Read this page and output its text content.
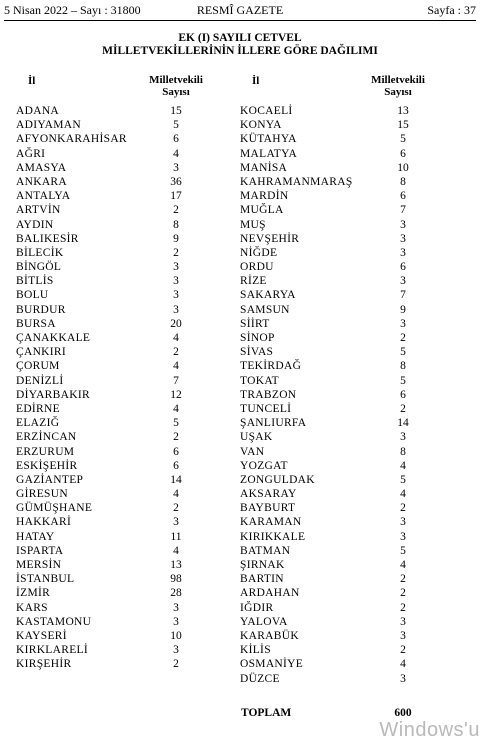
5 Nisan 2022 – Sayı : 31800	RESMÎ GAZETE	Sayfa : 37
EK (I) SAYILI CETVEL
MİLLETVEKİLLERİNİN İLLERE GÖRE DAĞILIMI
İl	Milletvekili
Sayısı
İl	Milletvekili
Sayısı
ADANA	15
ADIYAMAN	5
AFYONKARAHİSAR	6
AĞRI	4
AMASYA	3
ANKARA	36
ANTALYA	17
ARTVİN	2
AYDIN	8
BALIKESİR	9
BİLECİK	2
BİNGÖL	3
BİTLİS	3
BOLU	3
BURDUR	3
BURSA	20
ÇANAKKALE	4
ÇANKIRI	2
ÇORUM	4
DENİZLİ	7
DİYARBAKIR	12
EDİRNE	4
ELAZIĞ	5
ERZİNCAN	2
ERZURUM	6
ESKİŞEHİR	6
GAZİANTEP	14
GİRESUN	4
GÜMÜŞHANE	2
HAKKARİ	3
HATAY	11
ISPARTA	4
MERSİN	13
İSTANBUL	98
İZMİR	28
KARS	3
KASTAMONU	3
KAYSERİ	10
KIRKLARELİ	3
KIRŞEHİR	2
KOCAELİ	13
KONYA	15
KÜTAHYA	5
MALATYA	6
MANİSA	10
KAHRAMANMARAŞ	8
MARDİN	6
MUĞLA	7
MUŞ	3
NEVŞEHİR	3
NİĞDE	3
ORDU	6
RİZE	3
SAKARYA	7
SAMSUN	9
SİİRT	3
SİNOP	2
SİVAS	5
TEKİRDAĞ	8
TOKAT	5
TRABZON	6
TUNCELİ	2
ŞANLIURFA	14
UŞAK	3
VAN	8
YOZGAT	4
ZONGULDAK	5
AKSARAY	4
BAYBURT	2
KARAMAN	3
KIRIKKALE	3
BATMAN	5
ŞIRNAK	4
BARTIN	2
ARDAHAN	2
IĞDIR	2
YALOVA	3
KARABÜK	3
KİLİS	2
OSMANİYE	4
DÜZCE	3
TOPLAM	600
Windows'u
